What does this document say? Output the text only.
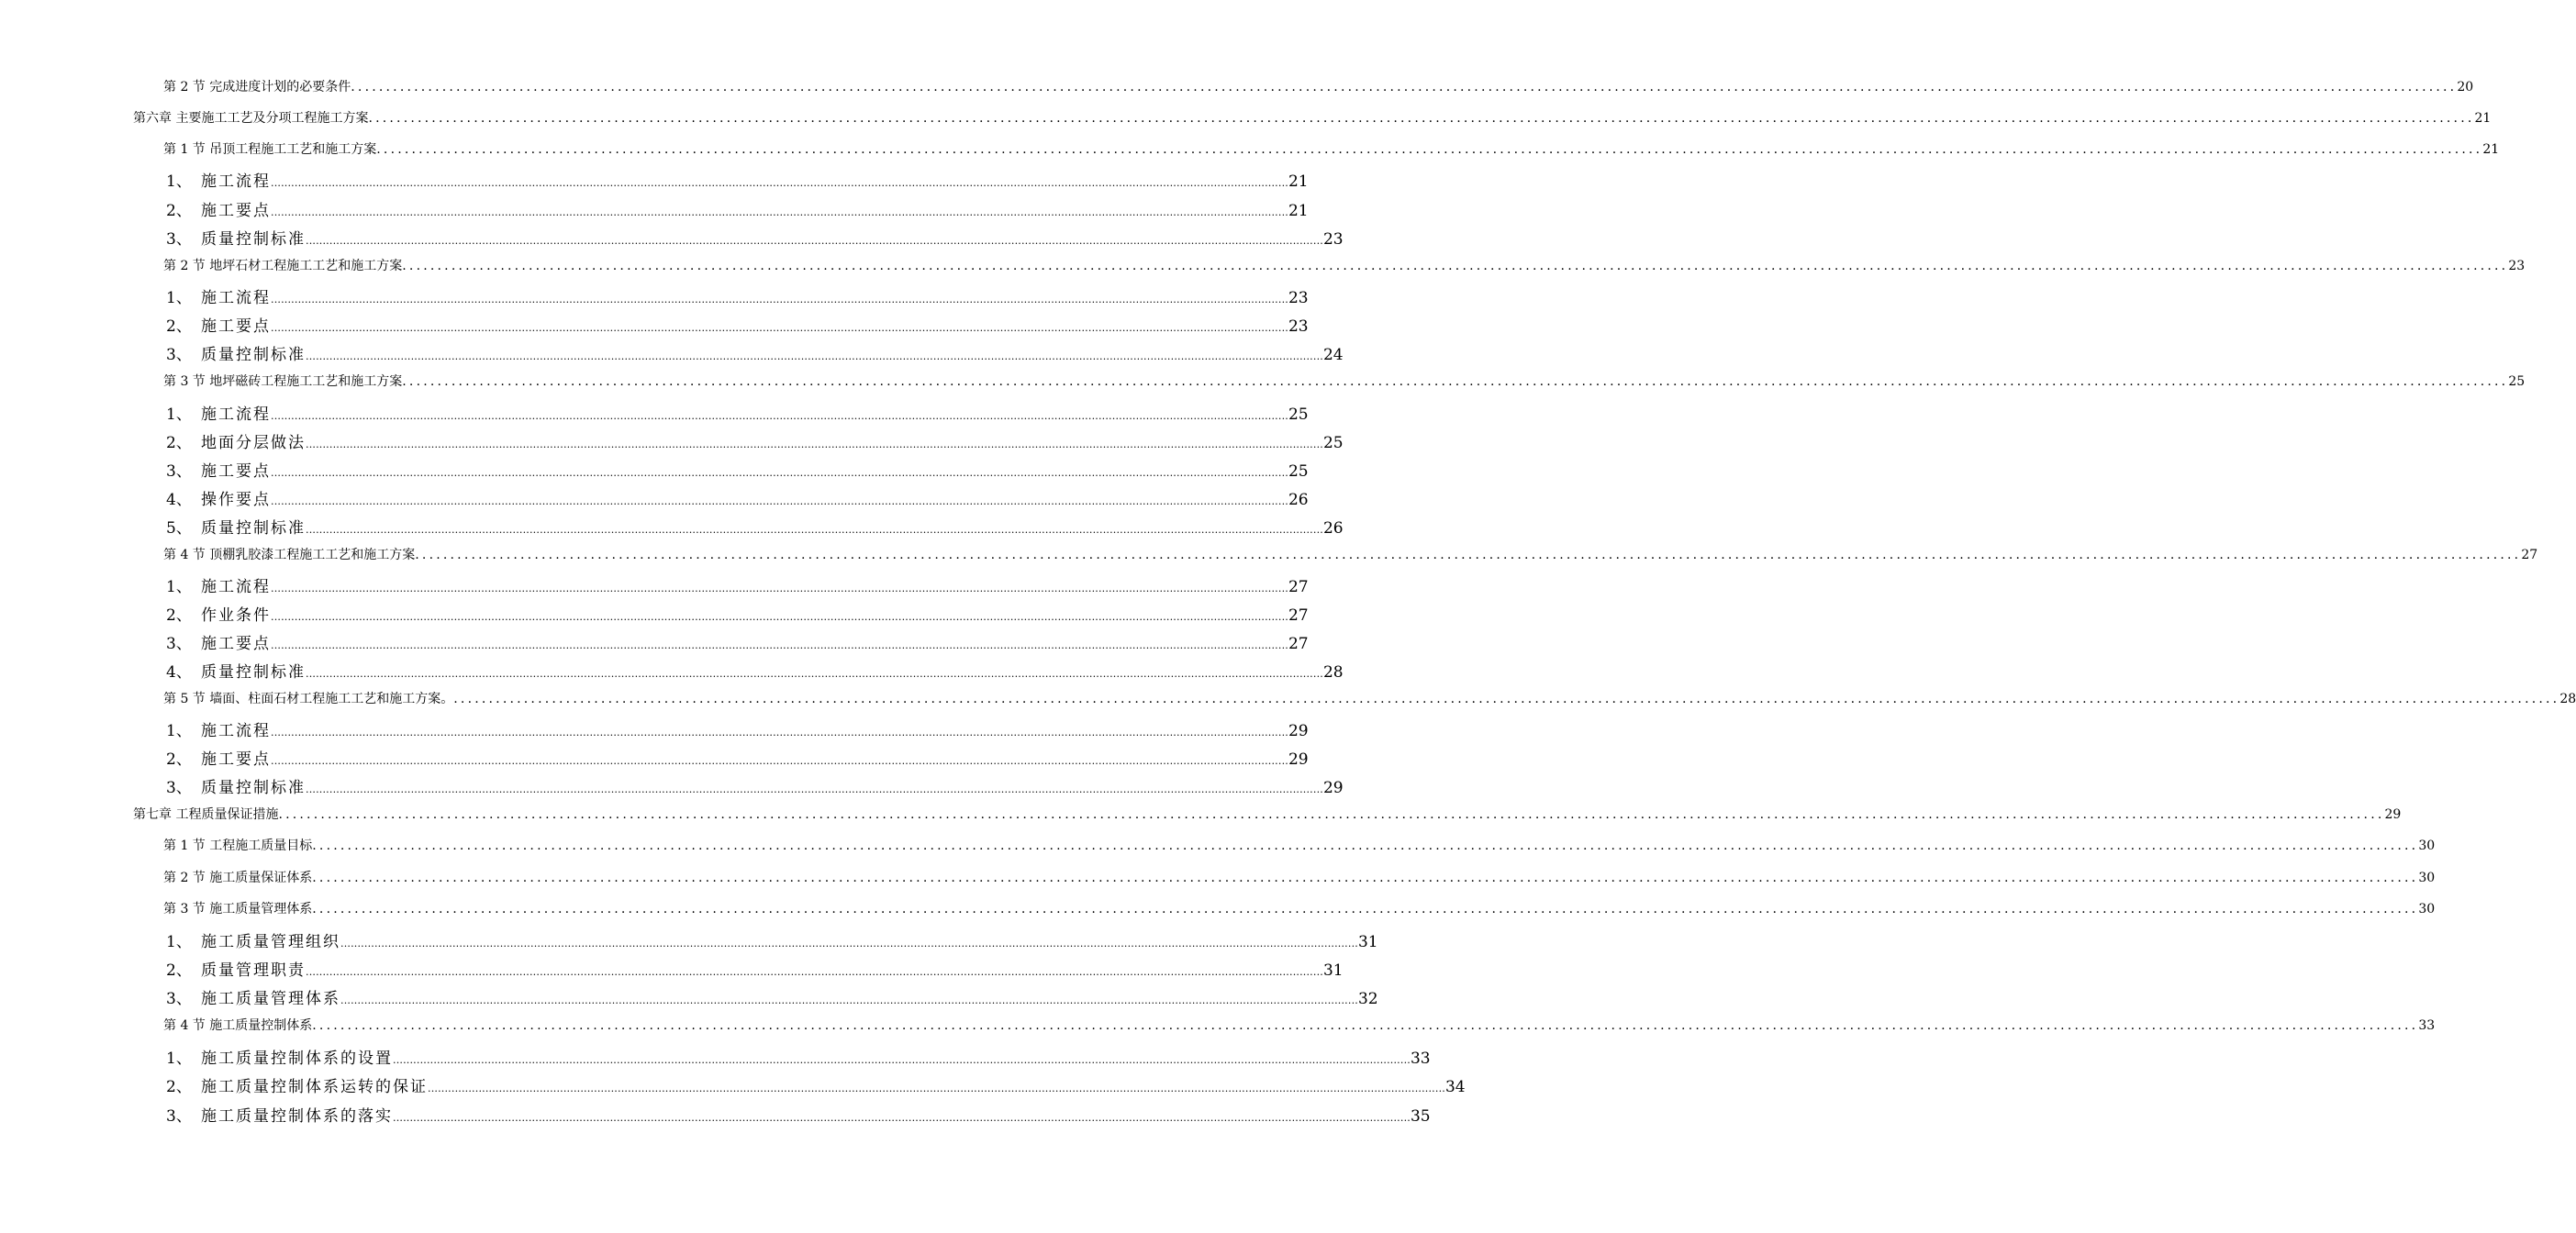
第 2 节 完成进度计划的必要条件 ............................................................................................................................................................................................................................................................................................................ 20
第六章 主要施工工艺及分项工程施工方案 ............................................................................................................................................................................................................................................................................................................ 21
第 1 节 吊顶工程施工工艺和施工方案 ............................................................................................................................................................................................................................................................................................................ 21
1、 施工流程 ............................................................................................................................................................................................................................................................................................................ 21
2、 施工要点 ............................................................................................................................................................................................................................................................................................................ 21
3、 质量控制标准 ............................................................................................................................................................................................................................................................................................................ 23
第 2 节 地坪石材工程施工工艺和施工方案 ............................................................................................................................................................................................................................................................................................................ 23
1、 施工流程 ............................................................................................................................................................................................................................................................................................................ 23
2、 施工要点 ............................................................................................................................................................................................................................................................................................................ 23
3、 质量控制标准 ............................................................................................................................................................................................................................................................................................................ 24
第 3 节 地坪磁砖工程施工工艺和施工方案 ............................................................................................................................................................................................................................................................................................................ 25
1、 施工流程 ............................................................................................................................................................................................................................................................................................................ 25
2、 地面分层做法 ............................................................................................................................................................................................................................................................................................................ 25
3、 施工要点 ............................................................................................................................................................................................................................................................................................................ 25
4、 操作要点 ............................................................................................................................................................................................................................................................................................................ 26
5、 质量控制标准 ............................................................................................................................................................................................................................................................................................................ 26
第 4 节 顶棚乳胶漆工程施工工艺和施工方案 ............................................................................................................................................................................................................................................................................................................ 27
1、 施工流程 ............................................................................................................................................................................................................................................................................................................ 27
2、 作业条件 ............................................................................................................................................................................................................................................................................................................ 27
3、 施工要点 ............................................................................................................................................................................................................................................................................................................ 27
4、 质量控制标准 ............................................................................................................................................................................................................................................................................................................ 28
第 5 节 墙面、柱面石材工程施工工艺和施工方案。 ............................................................................................................................................................................................................................................................................................................ 28
1、 施工流程 ............................................................................................................................................................................................................................................................................................................ 29
2、 施工要点 ............................................................................................................................................................................................................................................................................................................ 29
3、 质量控制标准 ............................................................................................................................................................................................................................................................................................................ 29
第七章 工程质量保证措施 ............................................................................................................................................................................................................................................................................................................ 29
第 1 节 工程施工质量目标 ............................................................................................................................................................................................................................................................................................................ 30
第 2 节 施工质量保证体系 ............................................................................................................................................................................................................................................................................................................ 30
第 3 节 施工质量管理体系 ............................................................................................................................................................................................................................................................................................................ 30
1、 施工质量管理组织 ............................................................................................................................................................................................................................................................................................................ 31
2、 质量管理职责 ............................................................................................................................................................................................................................................................................................................ 31
3、 施工质量管理体系 ............................................................................................................................................................................................................................................................................................................ 32
第 4 节 施工质量控制体系 ............................................................................................................................................................................................................................................................................................................ 33
1、 施工质量控制体系的设置 ............................................................................................................................................................................................................................................................................................................ 33
2、 施工质量控制体系运转的保证 ............................................................................................................................................................................................................................................................................................................ 34
3、 施工质量控制体系的落实 ............................................................................................................................................................................................................................................................................................................ 35
